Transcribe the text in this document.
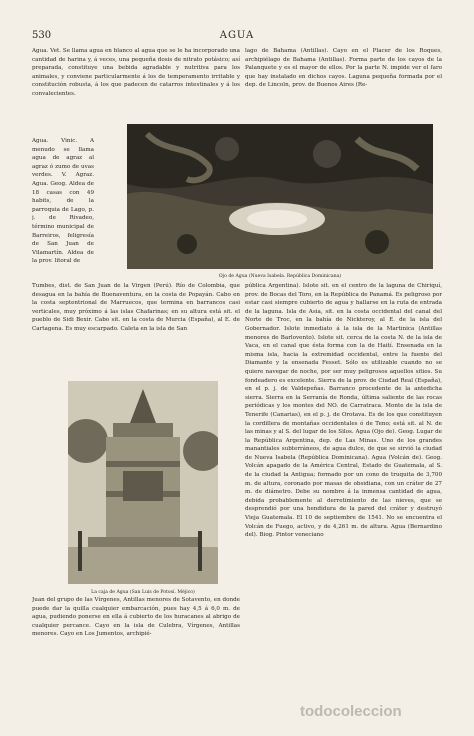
530	AGUA

Agua. Vet. Se llama agua en blanco al agua que se le ha incorporado una cantidad de harina y, á veces, una pequeña dosis de nitrato potásico; así preparada, constituye una bebida agradable y nutritiva para los animales, y conviene particularmente á los de temperamento irritable y constitución robusta, á los que padecen de catarros intestinales y á los convalecientes.

Agua. Vinic. A menudo se llama agua de agraz al agraz ó zumo de uvas verdes. V. Agraz. Agua. Geog. Aldea de 18 casas con 49 habits, de la parroquia de Lago, p. j. de Rivadeo, término municipal de Barreiros, feligresía de San Juan de Vilamartín. Aldea de la prov. litoral de

lago de Bahama (Antillas). Cayo en el Placer de los Roques, archipiélago de Bahama (Antillas). Forma parte de los cayos de la Palanquete y es el mayor de ellos. Por la parte N. impide ver el faro que hay instalado en dichos cayos. Laguna pequeña formada por el dep. de Lincoln, prov. de Buenos Aires (Re-

Ojo de Agua (Nueva Isabela. República Dominicana)

Tumbes, dist. de San Juan de la Virgen (Perú). Río de Colombia, que desagua en la bahía de Buenaventura, en la costa de Popayán. Cabo en la costa septentrional de Marruecos, que termina en barrancos casi verticales, muy próximo á las islas Chafarinas; en su altura está sit. el pueblo de Sidi Bexir. Cabo sit. en la costa de Murcia (España), al E. de Cartagena. Es muy escarpado. Caleta en la isla de San

La caja de Agua (San Luis de Potosí. Méjico)

pública Argentina). Islote sit. en el centro de la laguna de Chiriquí, prov. de Bocas del Toro, en la República de Panamá. Es peligroso por estar casi siempre cubierto de agua y hallarse en la ruta de entrada de la laguna. Isla de Asia, sit. en la costa occidental del canal del Norte de Troc, en la bahía de Nickteroy, al E. de la isla del Gobernador. Islote inmediato á la isla de la Martinica (Antillas menores de Barlovento). Islote sit. cerca de la costa N. de la isla de Vaca, en el canal que ésta forma con la de Haití. Ensenada en la misma isla, hacia la extremidad occidental, entre la fuente del Diamante y la ensenada Fesset. Sólo es utilizable cuando no se quiere navegar de noche, por ser muy peligrosos aquellos sitios. Su fondeadero es excelente. Sierra de la prov. de Ciudad Real (España), en el p. j. de Valdepeñas. Barranco procedente de la antedicha sierra. Sierra en la Serranía de Ronda, última saliente de las rocas periódicas y los montes del NO. de Carratraca. Monte de la isla de Tenerife (Canarias), en el p. j. de Orotava. Es de los que constituyen la cordillera de montañas occidentales ó de Teno; está sit. al N. de las minas y al S. del lugar de los Silos. Agua (Ojo de). Geog. Lugar de la República Argentina, dep. de Las Minas. Uno de los grandes manantiales subterráneos, de agua dulce, de que se sirvió la ciudad de Nueva Isabela (República Dominicana). Agua (Volcán de). Geog. Volcán apagado de la América Central, Estado de Guatemala, al S. de la ciudad la Antigua; formado por un cono de truquita de 3,700 m. de altura, coronado por masas de obsidiana, con un cráter de 27 m. de diámetro. Debe su nombre á la inmensa cantidad de agua, debida probablemente al derretimiento de las nieves, que se desprendió por una hendidura de la pared del cráter y destruyó Vieja Guatemala. El 10 de septiembre de 1541. No se encuentra el Volcán de Fuego, activo, y de 4,261 m. de altura. Agua (Bernardino del). Biog. Pintor veneciano

Juan del grupo de las Vírgenes, Antillas menores de Sotavento, en donde puede dar la quilla cualquier embarcación, pues hay 4,5 á 6,0 m. de agua, pudiendo ponerse en ella á cubierto de los huracanes al abrigo de cualquier percance. Cayo en la isla de Culebra, Vírgenes, Antillas menores. Cayo en Los Jumentos, archipié-

todocoleccion
